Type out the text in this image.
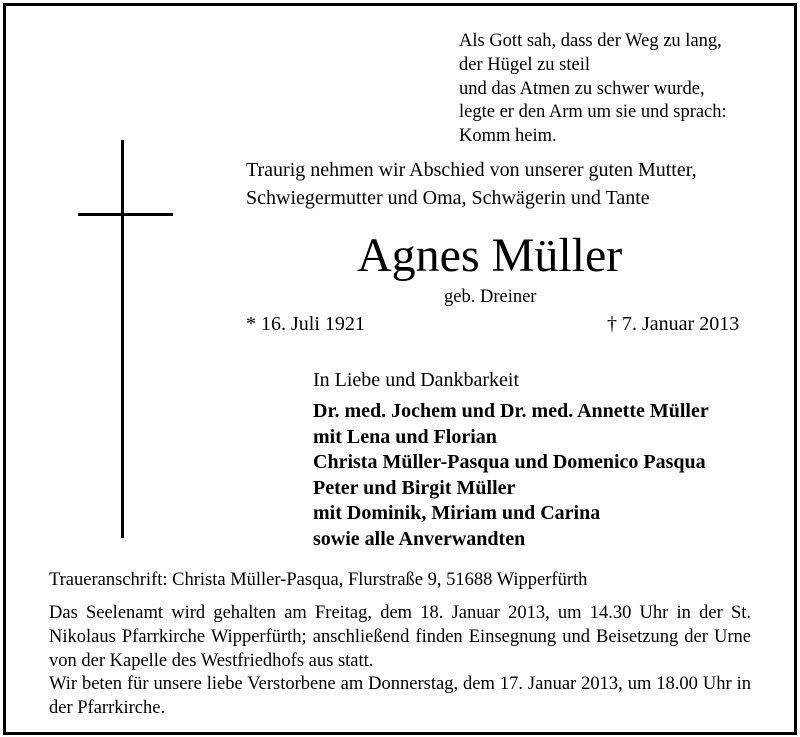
Als Gott sah, dass der Weg zu lang,
der Hügel zu steil
und das Atmen zu schwer wurde,
legte er den Arm um sie und sprach:
Komm heim.
Traurig nehmen wir Abschied von unserer guten Mutter,
Schwiegermutter und Oma, Schwägerin und Tante
Agnes Müller
geb. Dreiner
* 16. Juli 1921	† 7. Januar 2013
In Liebe und Dankbarkeit
Dr. med. Jochem und Dr. med. Annette Müller
mit Lena und Florian
Christa Müller-Pasqua und Domenico Pasqua
Peter und Birgit Müller
mit Dominik, Miriam und Carina
sowie alle Anverwandten
Traueranschrift: Christa Müller-Pasqua, Flurstraße 9, 51688 Wipperfürth

Das Seelenamt wird gehalten am Freitag, dem 18. Januar 2013, um 14.30 Uhr in der St. Nikolaus Pfarrkirche Wipperfürth; anschließend finden Einsegnung und Beisetzung der Urne von der Kapelle des Westfriedhofs aus statt.

Wir beten für unsere liebe Verstorbene am Donnerstag, dem 17. Januar 2013, um 18.00 Uhr in der Pfarrkirche.
